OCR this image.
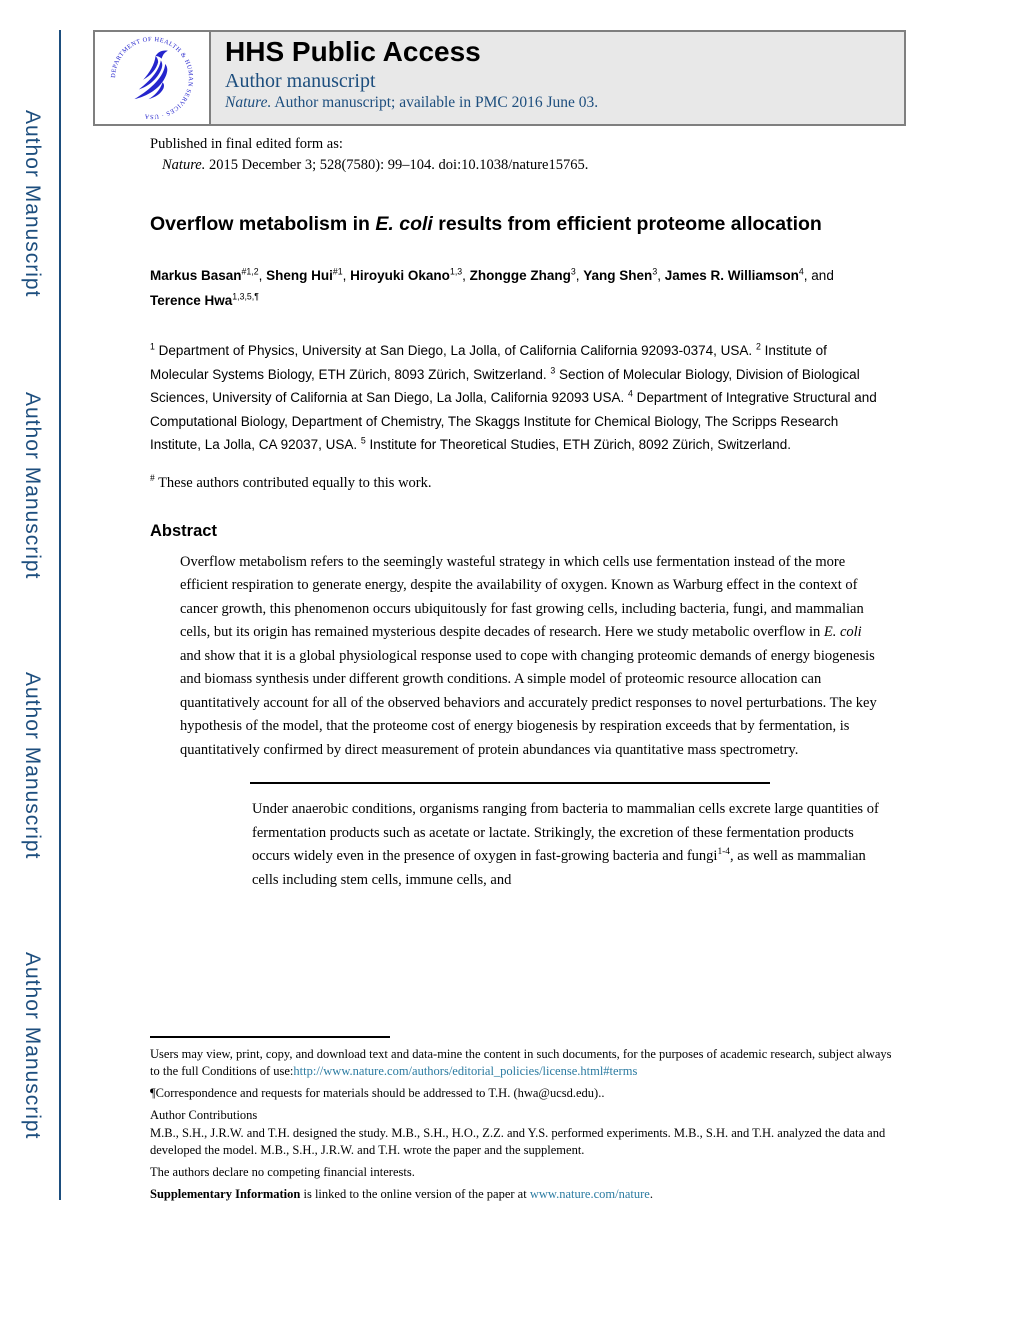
Author Manuscript
Author Manuscript
Author Manuscript
Author Manuscript
DEPARTMENT OF HEALTH & HUMAN SERVICES · USA
HHS Public Access
Author manuscript
Nature. Author manuscript; available in PMC 2016 June 03.

Published in final edited form as:

Nature. 2015 December 3; 528(7580): 99–104. doi:10.1038/nature15765.

Overflow metabolism in E. coli results from efficient proteome allocation

Markus Basan$^{\#1,2}$, Sheng Hui$^{\#1}$, Hiroyuki Okano$^{1,3}$, Zhongge Zhang$^3$, Yang Shen$^3$, James R. Williamson$^4$, and Terence Hwa$^{1,3,5,\P}$

$^1$ Department of Physics, University at San Diego, La Jolla, of California California 92093-0374, USA. $^2$ Institute of Molecular Systems Biology, ETH Zürich, 8093 Zürich, Switzerland. $^3$ Section of Molecular Biology, Division of Biological Sciences, University of California at San Diego, La Jolla, California 92093 USA. $^4$ Department of Integrative Structural and Computational Biology, Department of Chemistry, The Skaggs Institute for Chemical Biology, The Scripps Research Institute, La Jolla, CA 92037, USA. $^5$ Institute for Theoretical Studies, ETH Zürich, 8092 Zürich, Switzerland.

# These authors contributed equally to this work.

Abstract

Overflow metabolism refers to the seemingly wasteful strategy in which cells use fermentation instead of the more efficient respiration to generate energy, despite the availability of oxygen. Known as Warburg effect in the context of cancer growth, this phenomenon occurs ubiquitously for fast growing cells, including bacteria, fungi, and mammalian cells, but its origin has remained mysterious despite decades of research. Here we study metabolic overflow in E. coli and show that it is a global physiological response used to cope with changing proteomic demands of energy biogenesis and biomass synthesis under different growth conditions. A simple model of proteomic resource allocation can quantitatively account for all of the observed behaviors and accurately predict responses to novel perturbations. The key hypothesis of the model, that the proteome cost of energy biogenesis by respiration exceeds that by fermentation, is quantitatively confirmed by direct measurement of protein abundances via quantitative mass spectrometry.

Under anaerobic conditions, organisms ranging from bacteria to mammalian cells excrete large quantities of fermentation products such as acetate or lactate. Strikingly, the excretion of these fermentation products occurs widely even in the presence of oxygen in fast-growing bacteria and fungi$^{1-4}$, as well as mammalian cells including stem cells, immune cells, and

Users may view, print, copy, and download text and data-mine the content in such documents, for the purposes of academic research, subject always to the full Conditions of use:http://www.nature.com/authors/editorial_policies/license.html#terms

¶Correspondence and requests for materials should be addressed to T.H. (hwa@ucsd.edu)..

Author Contributions

M.B., S.H., J.R.W. and T.H. designed the study. M.B., S.H., H.O., Z.Z. and Y.S. performed experiments. M.B., S.H. and T.H. analyzed the data and developed the model. M.B., S.H., J.R.W. and T.H. wrote the paper and the supplement.

The authors declare no competing financial interests.

Supplementary Information is linked to the online version of the paper at www.nature.com/nature.
